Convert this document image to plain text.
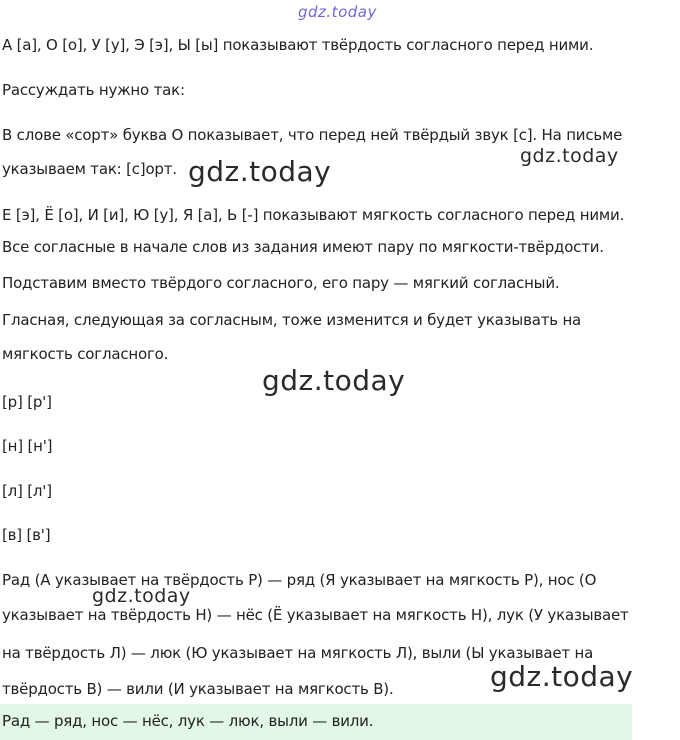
gdz.today
А [а], О [о], У [у], Э [э], Ы [ы] показывают твёрдость согласного перед ними.
Рассуждать нужно так:
В слове «сорт» буква О показывает, что перед ней твёрдый звук [с]. На письме
указываем так: [с]орт.
Е [э], Ё [о], И [и], Ю [у], Я [а], Ь [-] показывают мягкость согласного перед ними.
Все согласные в начале слов из задания имеют пару по мягкости-твёрдости.
Подставим вместо твёрдого согласного, его пару — мягкий согласный.
Гласная, следующая за согласным, тоже изменится и будет указывать на
мягкость согласного.
[р] [р']
[н] [н']
[л] [л']
[в] [в']
Рад (А указывает на твёрдость Р) — ряд (Я указывает на мягкость Р), нос (О
указывает на твёрдость Н) — нёс (Ё указывает на мягкость Н), лук (У указывает
на твёрдость Л) — люк (Ю указывает на мягкость Л), выли (Ы указывает на
твёрдость В) — вили (И указывает на мягкость В).
Рад — ряд, нос — нёс, лук — люк, выли — вили.
gdz.today
gdz.today
gdz.today
gdz.today
gdz.today
